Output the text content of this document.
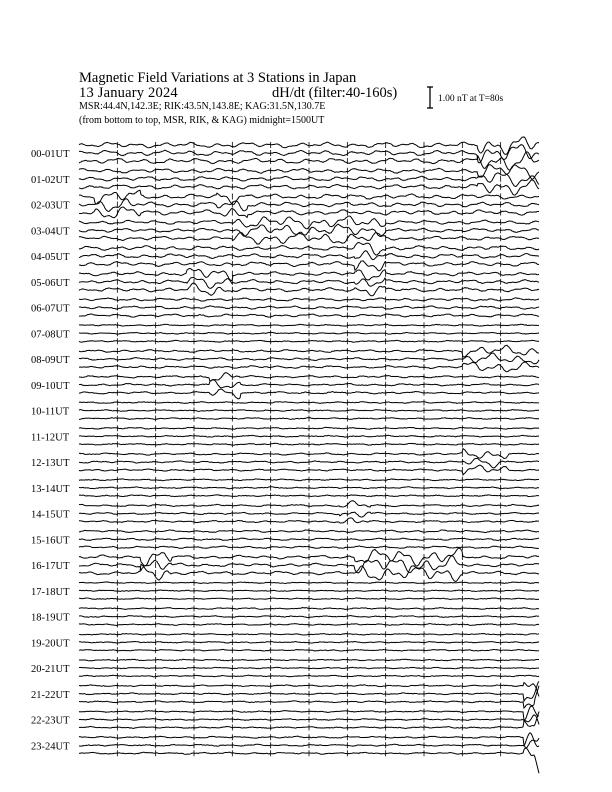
Magnetic Field Variations at 3 Stations in Japan
13 January 2024	dH/dt (filter:40-160s)
MSR:44.4N,142.3E; RIK:43.5N,143.8E; KAG:31.5N,130.7E
(from bottom to top, MSR, RIK, & KAG) midnight=1500UT
1.00 nT at T=80s
00-01UT
01-02UT
02-03UT
03-04UT
04-05UT
05-06UT
06-07UT
07-08UT
08-09UT
09-10UT
10-11UT
11-12UT
12-13UT
13-14UT
14-15UT
15-16UT
16-17UT
17-18UT
18-19UT
19-20UT
20-21UT
21-22UT
22-23UT
23-24UT
